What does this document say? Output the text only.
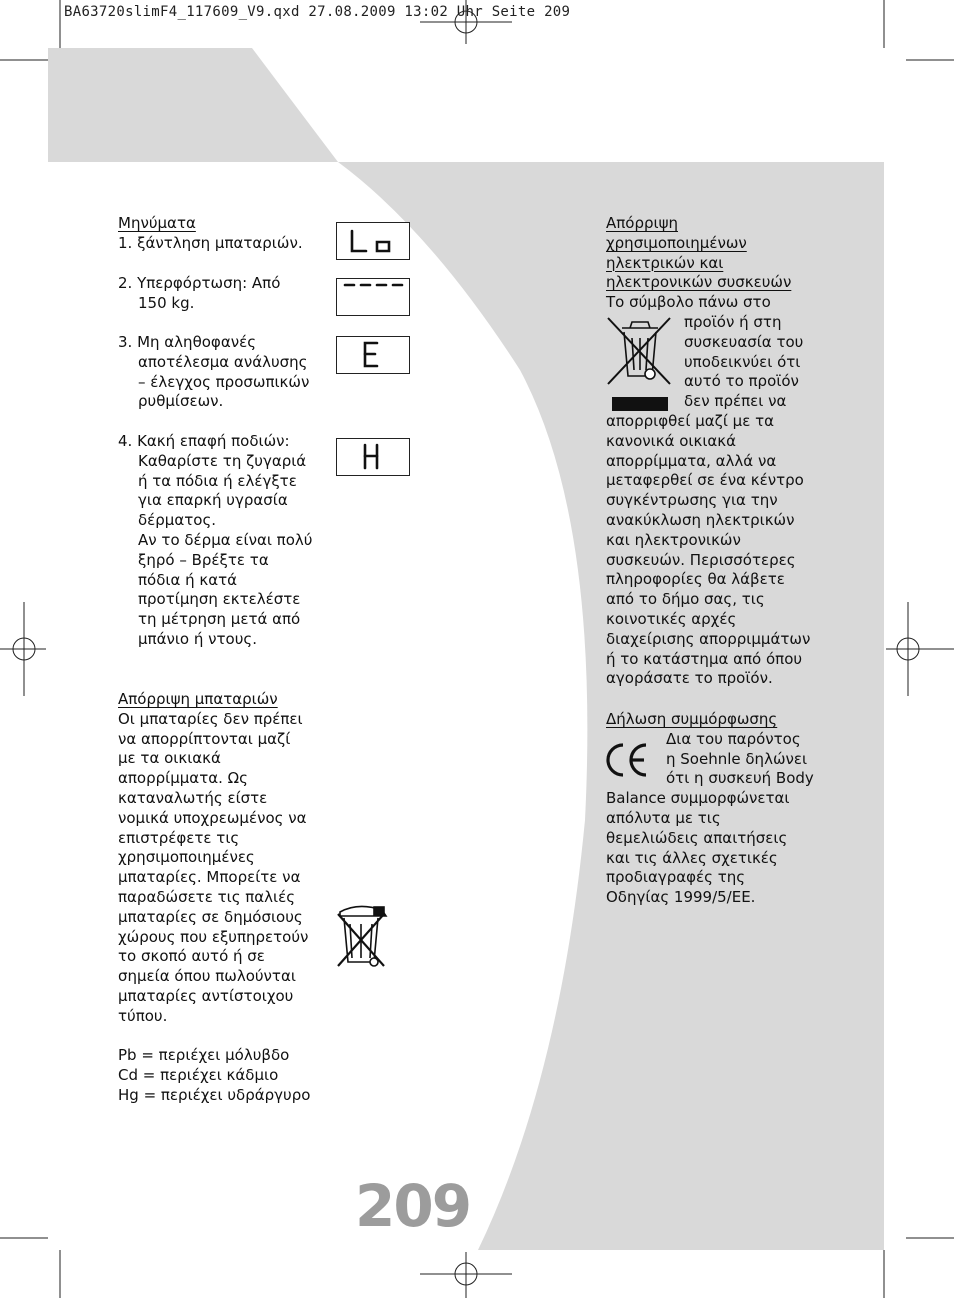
BA63720slimF4_117609_V9.qxd 27.08.2009 13:02 Uhr Seite 209
Μηνύματα

1. ξάντληση μπαταριών.

2. Υπερφόρτωση: Από

150 kg.

3. Μη αληθοφανές

αποτέλεσμα ανάλυσης

– έλεγχος προσωπικών

ρυθμίσεων.

4. Κακή επαφή ποδιών:

Καθαρίστε τη ζυγαριά

ή τα πόδια ή ελέγξτε

για επαρκή υγρασία

δέρματος.

Αν το δέρμα είναι πολύ

ξηρό – Βρέξτε τα

πόδια ή κατά

προτίμηση εκτελέστε

τη μέτρηση μετά από

μπάνιο ή ντους.

Απόρριψη μπαταριών

Οι μπαταρίες δεν πρέπει

να απορρίπτονται μαζί

με τα οικιακά

απορρίμματα. Ως

καταναλωτής είστε

νομικά υποχρεωμένος να

επιστρέφετε τις

χρησιμοποιημένες

μπαταρίες. Μπορείτε να

παραδώσετε τις παλιές

μπαταρίες σε δημόσιους

χώρους που εξυπηρετούν

το σκοπό αυτό ή σε

σημεία όπου πωλούνται

μπαταρίες αντίστοιχου

τύπου.

Pb = περιέχει μόλυβδο

Cd = περιέχει κάδμιο

Hg = περιέχει υδράργυρο

Απόρριψη

χρησιμοποιημένων

ηλεκτρικών και

ηλεκτρονικών συσκευών

Το σύμβολο πάνω στο

προϊόν ή στη

συσκευασία του

υποδεικνύει ότι

αυτό το προϊόν

δεν πρέπει να

απορριφθεί μαζί με τα

κανονικά οικιακά

απορρίμματα, αλλά να

μεταφερθεί σε ένα κέντρο

συγκέντρωσης για την

ανακύκλωση ηλεκτρικών

και ηλεκτρονικών

συσκευών. Περισσότερες

πληροφορίες θα λάβετε

από το δήμο σας, τις

κοινοτικές αρχές

διαχείρισης απορριμμάτων

ή το κατάστημα από όπου

αγοράσατε το προϊόν.

Δήλωση συμμόρφωσης

Δια του παρόντος

η Soehnle δηλώνει

ότι η συσκευή Body

Balance συμμορφώνεται

απόλυτα με τις

θεμελιώδεις απαιτήσεις

και τις άλλες σχετικές

προδιαγραφές της

Οδηγίας 1999/5/ΕΕ.

209
